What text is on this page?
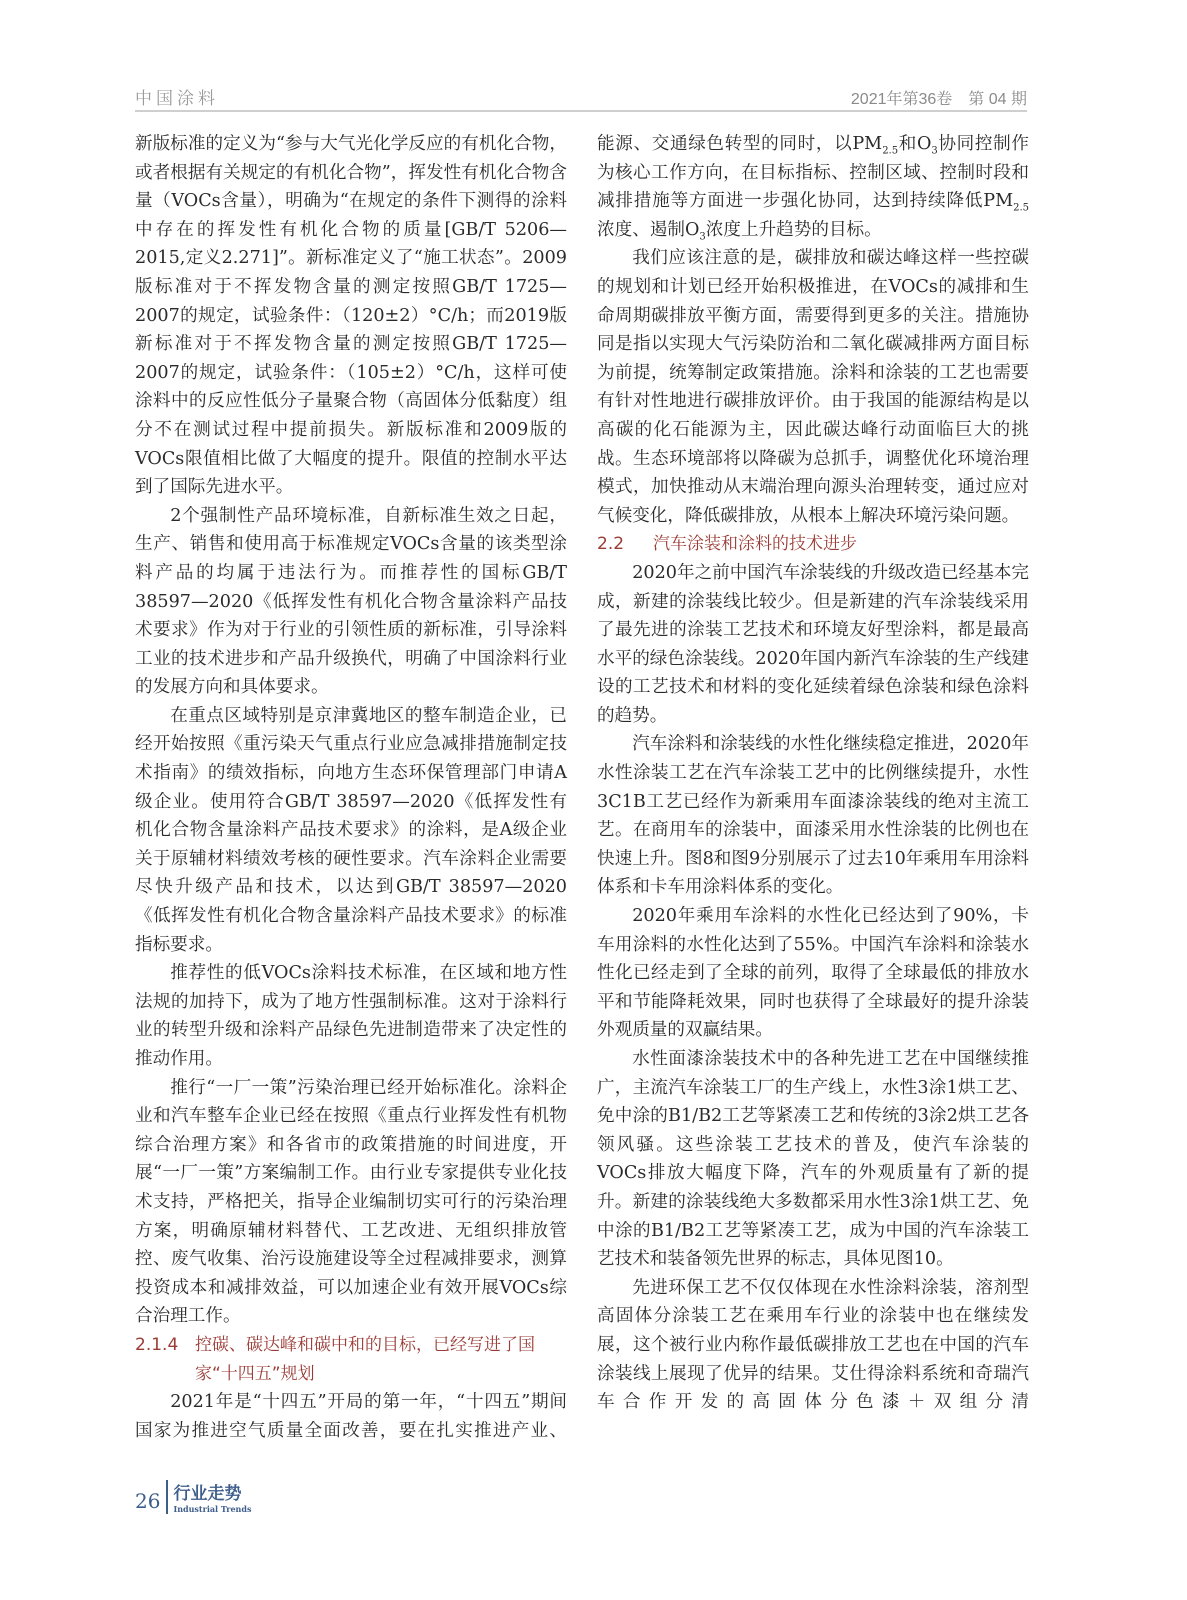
中国涂料	2021年第36卷　第 04 期

新版标准的定义为“参与大气光化学反应的有机化合物，或者根据有关规定的有机化合物”，挥发性有机化合物含量（VOCs含量），明确为“在规定的条件下测得的涂料中存在的挥发性有机化合物的质量[GB/T 5206—2015,定义2.271]”。新标准定义了“施工状态”。2009版标准对于不挥发物含量的测定按照GB/T 1725—2007的规定，试验条件：（120±2）°C/h；而2019版新标准对于不挥发物含量的测定按照GB/T 1725—2007的规定，试验条件：（105±2）°C/h，这样可使涂料中的反应性低分子量聚合物（高固体分低黏度）组分不在测试过程中提前损失。新版标准和2009版的VOCs限值相比做了大幅度的提升。限值的控制水平达到了国际先进水平。

2个强制性产品环境标准，自新标准生效之日起，生产、销售和使用高于标准规定VOCs含量的该类型涂料产品的均属于违法行为。而推荐性的国标GB/T 38597—2020《低挥发性有机化合物含量涂料产品技术要求》作为对于行业的引领性质的新标准，引导涂料工业的技术进步和产品升级换代，明确了中国涂料行业的发展方向和具体要求。

在重点区域特别是京津冀地区的整车制造企业，已经开始按照《重污染天气重点行业应急减排措施制定技术指南》的绩效指标，向地方生态环保管理部门申请A级企业。使用符合GB/T 38597—2020《低挥发性有机化合物含量涂料产品技术要求》的涂料，是A级企业关于原辅材料绩效考核的硬性要求。汽车涂料企业需要尽快升级产品和技术，以达到GB/T 38597—2020《低挥发性有机化合物含量涂料产品技术要求》的标准指标要求。

推荐性的低VOCs涂料技术标准，在区域和地方性法规的加持下，成为了地方性强制标准。这对于涂料行业的转型升级和涂料产品绿色先进制造带来了决定性的推动作用。

推行“一厂一策”污染治理已经开始标准化。涂料企业和汽车整车企业已经在按照《重点行业挥发性有机物综合治理方案》和各省市的政策措施的时间进度，开展“一厂一策”方案编制工作。由行业专家提供专业化技术支持，严格把关，指导企业编制切实可行的污染治理方案，明确原辅材料替代、工艺改进、无组织排放管控、废气收集、治污设施建设等全过程减排要求，测算投资成本和减排效益，可以加速企业有效开展VOCs综合治理工作。

2.1.4 控碳、碳达峰和碳中和的目标，已经写进了国家“十四五”规划

2021年是“十四五”开局的第一年，“十四五”期间国家为推进空气质量全面改善，要在扎实推进产业、

能源、交通绿色转型的同时，以$PM_{2.5}$和$O_3$协同控制作为核心工作方向，在目标指标、控制区域、控制时段和减排措施等方面进一步强化协同，达到持续降低$PM_{2.5}$浓度、遏制$O_3$浓度上升趋势的目标。

我们应该注意的是，碳排放和碳达峰这样一些控碳的规划和计划已经开始积极推进，在VOCs的减排和生命周期碳排放平衡方面，需要得到更多的关注。措施协同是指以实现大气污染防治和二氧化碳减排两方面目标为前提，统筹制定政策措施。涂料和涂装的工艺也需要有针对性地进行碳排放评价。由于我国的能源结构是以高碳的化石能源为主，因此碳达峰行动面临巨大的挑战。生态环境部将以降碳为总抓手，调整优化环境治理模式，加快推动从末端治理向源头治理转变，通过应对气候变化，降低碳排放，从根本上解决环境污染问题。

2.2	汽车涂装和涂料的技术进步

2020年之前中国汽车涂装线的升级改造已经基本完成，新建的涂装线比较少。但是新建的汽车涂装线采用了最先进的涂装工艺技术和环境友好型涂料，都是最高水平的绿色涂装线。2020年国内新汽车涂装的生产线建设的工艺技术和材料的变化延续着绿色涂装和绿色涂料的趋势。

汽车涂料和涂装线的水性化继续稳定推进，2020年水性涂装工艺在汽车涂装工艺中的比例继续提升，水性3C1B工艺已经作为新乘用车面漆涂装线的绝对主流工艺。在商用车的涂装中，面漆采用水性涂装的比例也在快速上升。图8和图9分别展示了过去10年乘用车用涂料体系和卡车用涂料体系的变化。

2020年乘用车涂料的水性化已经达到了90%，卡车用涂料的水性化达到了55%。中国汽车涂料和涂装水性化已经走到了全球的前列，取得了全球最低的排放水平和节能降耗效果，同时也获得了全球最好的提升涂装外观质量的双赢结果。

水性面漆涂装技术中的各种先进工艺在中国继续推广，主流汽车涂装工厂的生产线上，水性3涂1烘工艺、免中涂的B1/B2工艺等紧凑工艺和传统的3涂2烘工艺各领风骚。这些涂装工艺技术的普及，使汽车涂装的VOCs排放大幅度下降，汽车的外观质量有了新的提升。新建的涂装线绝大多数都采用水性3涂1烘工艺、免中涂的B1/B2工艺等紧凑工艺，成为中国的汽车涂装工艺技术和装备领先世界的标志，具体见图10。

先进环保工艺不仅仅体现在水性涂料涂装，溶剂型高固体分涂装工艺在乘用车行业的涂装中也在继续发展，这个被行业内称作最低碳排放工艺也在中国的汽车涂装线上展现了优异的结果。艾仕得涂料系统和奇瑞汽车合作开发的高固体分色漆＋双组分清

26 行业走势
Industrial Trends
